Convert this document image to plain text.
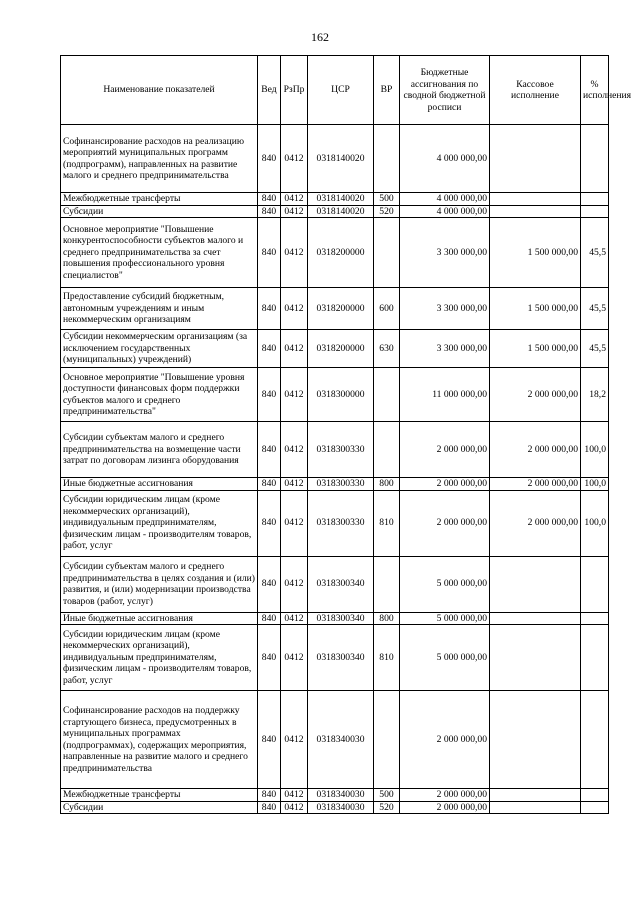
162
Наименование показателей	Вед	РзПр	ЦСР	ВР	Бюджетные ассигнования по сводной бюджетной росписи	Кассовое исполнение	% исполнения
Софинансирование расходов на реализацию мероприятий муниципальных программ (подпрограмм), направленных на развитие малого и среднего предпринимательства	840	0412	0318140020		4 000 000,00		
Межбюджетные трансферты	840	0412	0318140020	500	4 000 000,00		
Субсидии	840	0412	0318140020	520	4 000 000,00		
Основное мероприятие "Повышение конкурентоспособности субъектов малого и среднего предпринимательства за счет повышения профессионального уровня специалистов"	840	0412	0318200000		3 300 000,00	1 500 000,00	45,5
Предоставление субсидий бюджетным, автономным учреждениям и иным некоммерческим организациям	840	0412	0318200000	600	3 300 000,00	1 500 000,00	45,5
Субсидии некоммерческим организациям (за исключением государственных (муниципальных) учреждений)	840	0412	0318200000	630	3 300 000,00	1 500 000,00	45,5
Основное мероприятие "Повышение уровня доступности финансовых форм поддержки субъектов малого и среднего предпринимательства"	840	0412	0318300000		11 000 000,00	2 000 000,00	18,2
Субсидии субъектам малого и среднего предпринимательства на возмещение части затрат по договорам лизинга оборудования	840	0412	0318300330		2 000 000,00	2 000 000,00	100,0
Иные бюджетные ассигнования	840	0412	0318300330	800	2 000 000,00	2 000 000,00	100,0
Субсидии юридическим лицам (кроме некоммерческих организаций), индивидуальным предпринимателям, физическим лицам - производителям товаров, работ, услуг	840	0412	0318300330	810	2 000 000,00	2 000 000,00	100,0
Субсидии субъектам малого и среднего предпринимательства в целях создания и (или) развития, и (или) модернизации производства товаров (работ, услуг)	840	0412	0318300340		5 000 000,00		
Иные бюджетные ассигнования	840	0412	0318300340	800	5 000 000,00		
Субсидии юридическим лицам (кроме некоммерческих организаций), индивидуальным предпринимателям, физическим лицам - производителям товаров, работ, услуг	840	0412	0318300340	810	5 000 000,00		
Софинансирование расходов на поддержку стартующего бизнеса, предусмотренных в муниципальных программах (подпрограммах), содержащих мероприятия, направленные на развитие малого и среднего предпринимательства	840	0412	0318340030		2 000 000,00		
Межбюджетные трансферты	840	0412	0318340030	500	2 000 000,00		
Субсидии	840	0412	0318340030	520	2 000 000,00		
